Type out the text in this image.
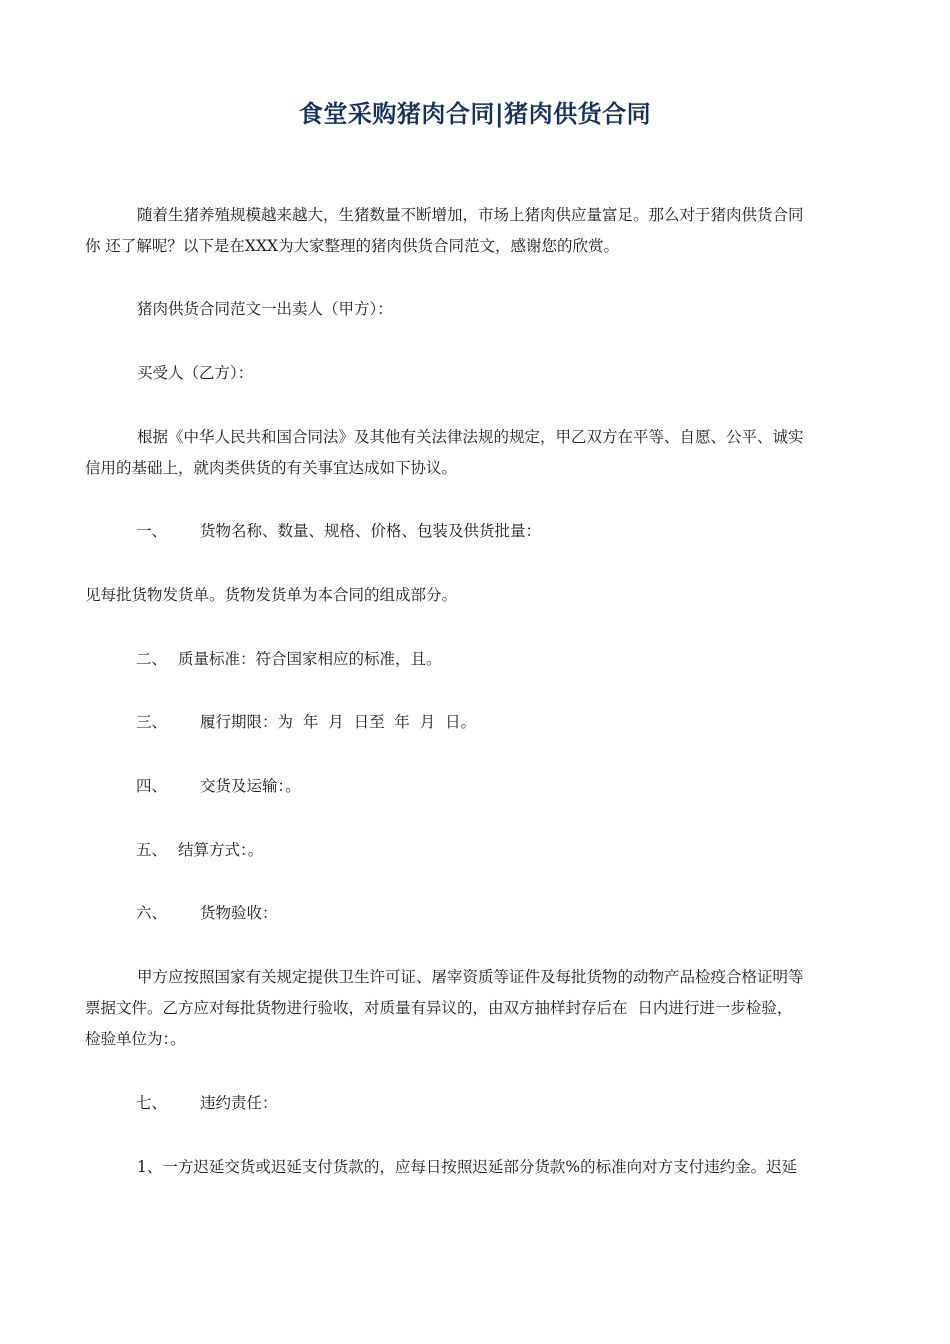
食堂采购猪肉合同|猪肉供货合同

随着生猪养殖规模越来越大，生猪数量不断增加，市场上猪肉供应量富足。那么对于猪肉供货合同

你 还了解呢？以下是在XXX为大家整理的猪肉供货合同范文，感谢您的欣赏。

猪肉供货合同范文一出卖人（甲方）：

买受人（乙方）：

根据《中华人民共和国合同法》及其他有关法律法规的规定，甲乙双方在平等、自愿、公平、诚实

信用的基础上，就肉类供货的有关事宜达成如下协议。

一、 货物名称、数量、规格、价格、包装及供货批量：

见每批货物发货单。货物发货单为本合同的组成部分。

二、 质量标准：符合国家相应的标准，且。

三、 履行期限：为  年  月  日至  年  月  日。

四、 交货及运输：。

五、 结算方式：。

六、 货物验收：

甲方应按照国家有关规定提供卫生许可证、屠宰资质等证件及每批货物的动物产品检疫合格证明等

票据文件。乙方应对每批货物进行验收，对质量有异议的，由双方抽样封存后在  日内进行进一步检验，

检验单位为：。

七、 违约责任：

1、一方迟延交货或迟延支付货款的，应每日按照迟延部分货款%的标准向对方支付违约金。迟延
